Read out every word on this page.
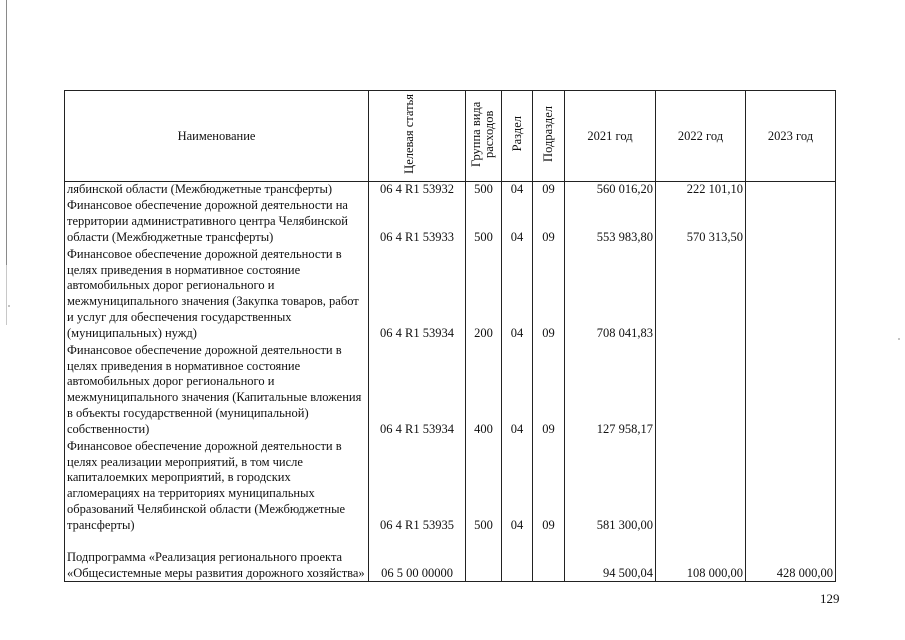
Наименование	Целевая статья	Группа вида расходов	Раздел	Подраздел	2021 год	2022 год	2023 год

лябинской области (Межбюджетные трансферты)	06 4 R1 53932	500	04	09	560 016,20	222 101,10	

Финансовое обеспечение дорожной деятельности на территории административного центра Челябинской области (Межбюджетные трансферты)	06 4 R1 53933	500	04	09	553 983,80	570 313,50	

Финансовое обеспечение дорожной деятельности в целях приведения в нормативное состояние автомобильных дорог регионального и межмуниципального значения (Закупка товаров, работ и услуг для обеспечения государственных (муниципальных) нужд)	06 4 R1 53934	200	04	09	708 041,83		

Финансовое обеспечение дорожной деятельности в целях приведения в нормативное состояние автомобильных дорог регионального и межмуниципального значения (Капитальные вложения в объекты государственной (муниципальной) собственности)	06 4 R1 53934	400	04	09	127 958,17		

Финансовое обеспечение дорожной деятельности в целях реализации мероприятий, в том числе капиталоемких мероприятий, в городских агломерациях на территориях муниципальных образований Челябинской области (Межбюджетные трансферты)	06 4 R1 53935	500	04	09	581 300,00		

Подпрограмма «Реализация регионального проекта «Общесистемные меры развития дорожного хозяйства»	06 5 00 00000				94 500,04	108 000,00	428 000,00
129
